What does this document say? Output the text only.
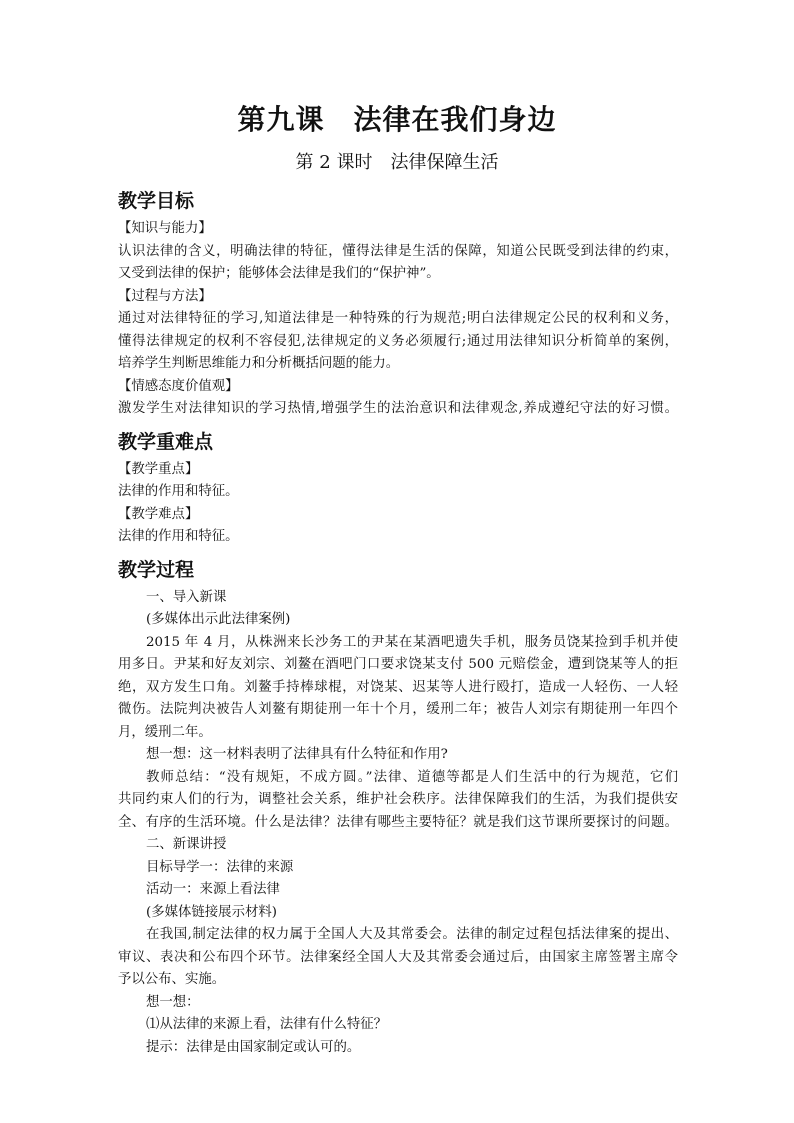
第九课　法律在我们身边
第 2 课时　法律保障生活
教学目标
【知识与能力】
认识法律的含义，明确法律的特征，懂得法律是生活的保障，知道公民既受到法律的约束，
又受到法律的保护；能够体会法律是我们的“保护神”。
【过程与方法】
通过对法律特征的学习,知道法律是一种特殊的行为规范;明白法律规定公民的权利和义务，
懂得法律规定的权利不容侵犯,法律规定的义务必须履行;通过用法律知识分析简单的案例，
培养学生判断思维能力和分析概括问题的能力。
【情感态度价值观】
激发学生对法律知识的学习热情,增强学生的法治意识和法律观念,养成遵纪守法的好习惯。
教学重难点
【教学重点】
法律的作用和特征。
【教学难点】
法律的作用和特征。
教学过程
一、导入新课
(多媒体出示此法律案例)
2015 年 4 月，从株洲来长沙务工的尹某在某酒吧遗失手机，服务员饶某捡到手机并使
用多日。尹某和好友刘宗、刘鳌在酒吧门口要求饶某支付 500 元赔偿金，遭到饶某等人的拒
绝，双方发生口角。刘鳌手持棒球棍，对饶某、迟某等人进行殴打，造成一人轻伤、一人轻
微伤。法院判决被告人刘鳌有期徒刑一年十个月，缓刑二年；被告人刘宗有期徒刑一年四个
月，缓刑二年。
想一想：这一材料表明了法律具有什么特征和作用?
教师总结：“没有规矩，不成方圆。”法律、道德等都是人们生活中的行为规范，它们
共同约束人们的行为，调整社会关系，维护社会秩序。法律保障我们的生活，为我们提供安
全、有序的生活环境。什么是法律？法律有哪些主要特征？就是我们这节课所要探讨的问题。
二、新课讲授
目标导学一：法律的来源
活动一：来源上看法律
(多媒体链接展示材料)
在我国,制定法律的权力属于全国人大及其常委会。法律的制定过程包括法律案的提出、
审议、表决和公布四个环节。法律案经全国人大及其常委会通过后，由国家主席签署主席令
予以公布、实施。
想一想：
⑴从法律的来源上看，法律有什么特征？
提示：法律是由国家制定或认可的。
